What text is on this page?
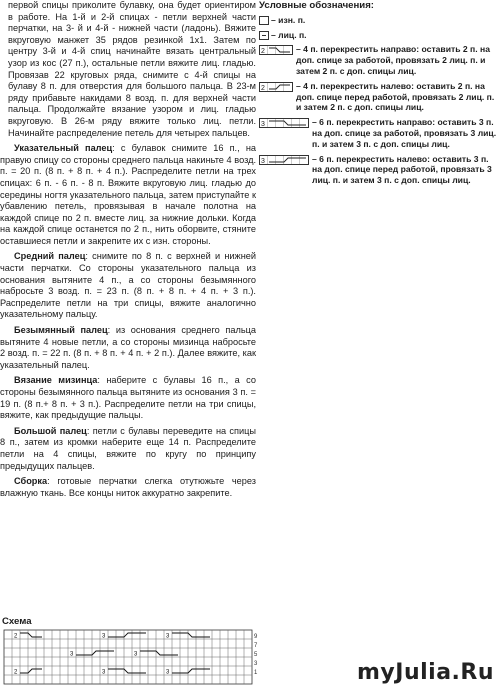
первой спицы приколите булавку, она будет ориентиром в работе. На 1-й и 2-й спицах - петли верхней части перчатки, на 3- й и 4-й - нижней части (ладонь). Вяжите вкруговую манжет 35 рядов резинкой 1х1. Затем по центру 3-й и 4-й спиц начинайте вязать центральный узор из кос (27 п.), остальные петли вяжите лиц. гладью. Провязав 22 круговых ряда, снимите с 4-й спицы на булаву 8 п. для отверстия для большого пальца. В 23-м ряду прибавьте накидами 8 возд. п. для верхней части пальца. Продолжайте вязание узором и лиц. гладью вкруговую. В 26-м ряду вяжите только лиц. петли. Начинайте распределение петель для четырех пальцев.

Указательный палец: с булавок снимите 16 п., на правую спицу со стороны среднего пальца накиньте 4 возд. п. = 20 п. (8 п. + 8 п. + 4 п.). Распределите петли на трех спицах: 6 п. - 6 п. - 8 п. Вяжите вкруговую лиц. гладью до середины ногтя указательного пальца, затем приступайте к убавлению петель, провязывая в начале полотна на каждой спице по 2 п. вместе лиц. за нижние дольки. Когда на каждой спице останется по 2 п., нить оборвите, стяните оставшиеся петли и закрепите их с изн. стороны.

Средний палец: снимите по 8 п. с верхней и нижней части перчатки. Со стороны указательного пальца из основания вытяните 4 п., а со стороны безымянного набросьте 3 возд. п. = 23 п. (8 п. + 8 п. + 4 п. + 3 п.). Распределите петли на три спицы, вяжите аналогично указательному пальцу.

Безымянный палец: из основания среднего пальца вытяните 4 новые петли, а со стороны мизинца набросьте 2 возд. п. = 22 п. (8 п. + 8 п. + 4 п. + 2 п.). Далее вяжите, как указательный палец.

Вязание мизинца: наберите с булавы 16 п., а со стороны безымянного пальца вытяните из основания 3 п. = 19 п. (8 п.+ 8 п. + 3 п.). Распределите петли на три спицы, вяжите, как предыдущие пальцы.

Большой палец: петли с булавы переведите на спицы 8 п., затем из кромки наберите еще 14 п. Распределите петли на 4 спицы, вяжите по кругу по принципу предыдущих пальцев.

Сборка: готовые перчатки слегка отутюжьте через влажную ткань. Все концы ниток аккуратно закрепите.

Условные обозначения:
– изн. п.
– лиц. п.
2	– 4 п. перекрестить направо: оставить 2 п. на доп. спице за работой, провязать 2 лиц. п. и затем 2 п. с доп. спицы лиц.
2	– 4 п. перекрестить налево: оставить 2 п. на доп. спице перед работой, провязать 2 лиц. п. и затем 2 п. с доп. спицы лиц.
3	– 6 п. перекрестить направо: оставить 3 п. на доп. спице за работой, провязать 3 лиц. п. и затем 3 п. с доп. спицы лиц.
3	– 6 п. перекрестить налево: оставить 3 п. на доп. спице перед работой, провязать 3 лиц. п. и затем 3 п. с доп. спицы лиц.
Схема
9
7
5
3
1
2	3	3
3	3
2	3	3	myJulia.Ru
